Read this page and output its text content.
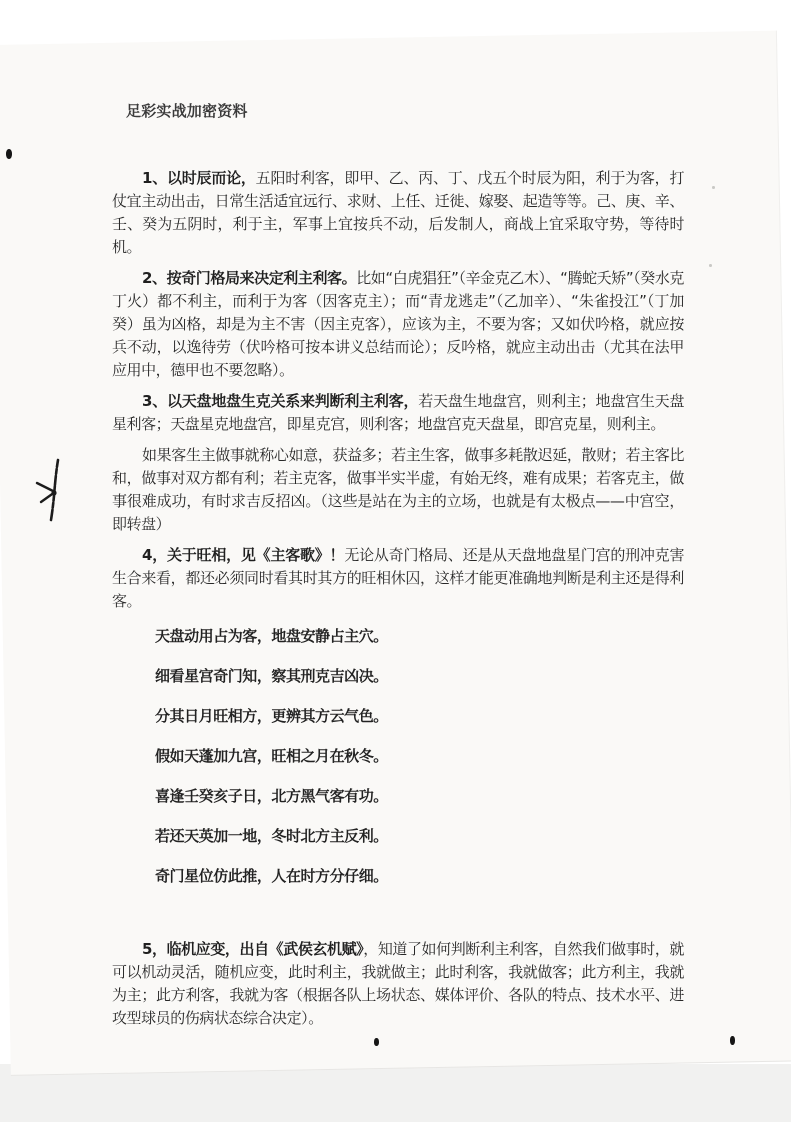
足彩实战加密资料

1、以时辰而论，五阳时利客，即甲、乙、丙、丁、戊五个时辰为阳，利于为客，打仗宜主动出击，日常生活适宜远行、求财、上任、迁徙、嫁娶、起造等等。己、庚、辛、壬、癸为五阴时，利于主，军事上宜按兵不动，后发制人，商战上宜采取守势，等待时机。

2、按奇门格局来决定利主利客。比如“白虎猖狂”（辛金克乙木）、“腾蛇夭矫”（癸水克丁火）都不利主，而利于为客（因客克主）；而“青龙逃走”（乙加辛）、“朱雀投江”（丁加癸）虽为凶格，却是为主不害（因主克客），应该为主，不要为客；又如伏吟格，就应按兵不动，以逸待劳（伏吟格可按本讲义总结而论）；反吟格，就应主动出击（尤其在法甲应用中，德甲也不要忽略）。

3、以天盘地盘生克关系来判断利主利客，若天盘生地盘宫，则利主；地盘宫生天盘星利客；天盘星克地盘宫，即星克宫，则利客；地盘宫克天盘星，即宫克星，则利主。

如果客生主做事就称心如意，获益多；若主生客，做事多耗散迟延，散财；若主客比和，做事对双方都有利；若主克客，做事半实半虚，有始无终，难有成果；若客克主，做事很难成功，有时求吉反招凶。（这些是站在为主的立场，也就是有太极点——中宫空，即转盘）

4，关于旺相，见《主客歌》！无论从奇门格局、还是从天盘地盘星门宫的刑冲克害生合来看，都还必须同时看其时其方的旺相休囚，这样才能更准确地判断是利主还是得利客。

天盘动用占为客，地盘安静占主穴。

细看星宫奇门知，察其刑克吉凶决。

分其日月旺相方，更辨其方云气色。

假如天蓬加九宫，旺相之月在秋冬。

喜逢壬癸亥子日，北方黑气客有功。

若还天英加一地，冬时北方主反利。

奇门星位仿此推，人在时方分仔细。

5，临机应变，出自《武侯玄机赋》，知道了如何判断利主利客，自然我们做事时，就可以机动灵活，随机应变，此时利主，我就做主；此时利客，我就做客；此方利主，我就为主；此方利客，我就为客（根据各队上场状态、媒体评价、各队的特点、技术水平、进攻型球员的伤病状态综合决定）。
